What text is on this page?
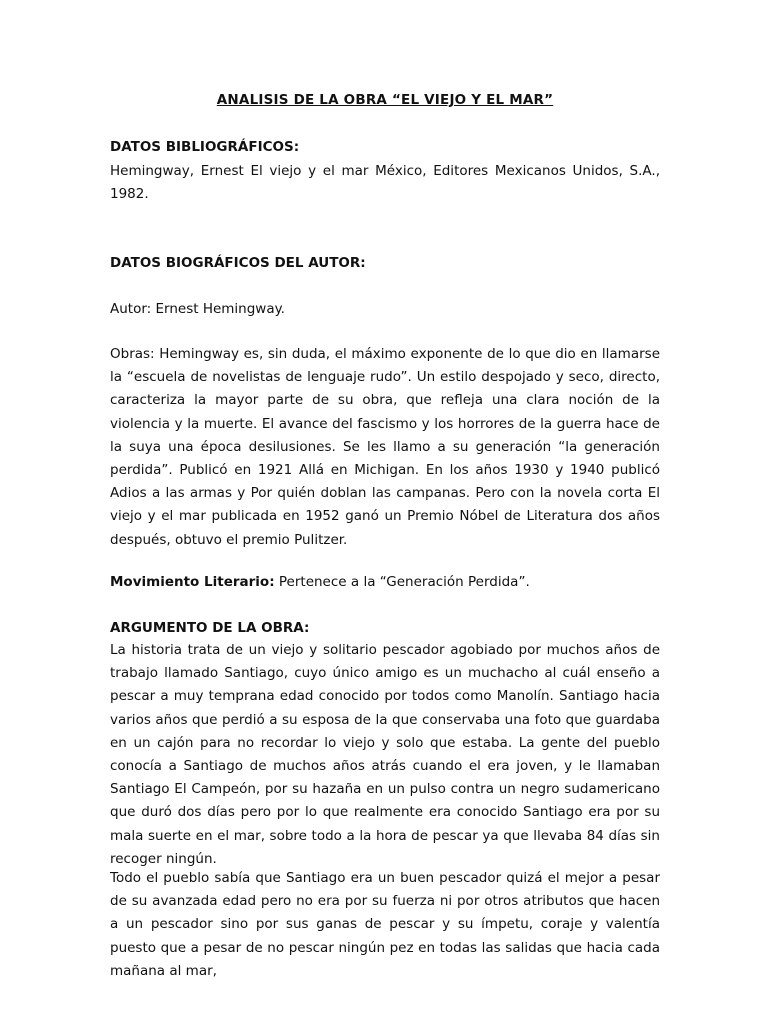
ANALISIS DE LA OBRA “EL VIEJO Y EL MAR”
DATOS BIBLIOGRÁFICOS:

Hemingway, Ernest El viejo y el mar México, Editores Mexicanos Unidos, S.A., 1982.

DATOS BIOGRÁFICOS DEL AUTOR:

Autor: Ernest Hemingway.

Obras: Hemingway es, sin duda, el máximo exponente de lo que dio en llamarse la “escuela de novelistas de lenguaje rudo”. Un estilo despojado y seco, directo, caracteriza la mayor parte de su obra, que refleja una clara noción de la violencia y la muerte. El avance del fascismo y los horrores de la guerra hace de la suya una época desilusiones. Se les llamo a su generación “la generación perdida”. Publicó en 1921 Allá en Michigan. En los años 1930 y 1940 publicó Adios a las armas y Por quién doblan las campanas. Pero con la novela corta El viejo y el mar publicada en 1952 ganó un Premio Nóbel de Literatura dos años después, obtuvo el premio Pulitzer.

Movimiento Literario: Pertenece a la “Generación Perdida”.

ARGUMENTO DE LA OBRA:

La historia trata de un viejo y solitario pescador agobiado por muchos años de trabajo llamado Santiago, cuyo único amigo es un muchacho al cuál enseño a pescar a muy temprana edad conocido por todos como Manolín. Santiago hacia varios años que perdió a su esposa de la que conservaba una foto que guardaba en un cajón para no recordar lo viejo y solo que estaba. La gente del pueblo conocía a Santiago de muchos años atrás cuando el era joven, y le llamaban Santiago El Campeón, por su hazaña en un pulso contra un negro sudamericano que duró dos días pero por lo que realmente era conocido Santiago era por su mala suerte en el mar, sobre todo a la hora de pescar ya que llevaba 84 días sin recoger ningún.

Todo el pueblo sabía que Santiago era un buen pescador quizá el mejor a pesar de su avanzada edad pero no era por su fuerza ni por otros atributos que hacen a un pescador sino por sus ganas de pescar y su ímpetu, coraje y valentía puesto que a pesar de no pescar ningún pez en todas las salidas que hacia cada mañana al mar,
